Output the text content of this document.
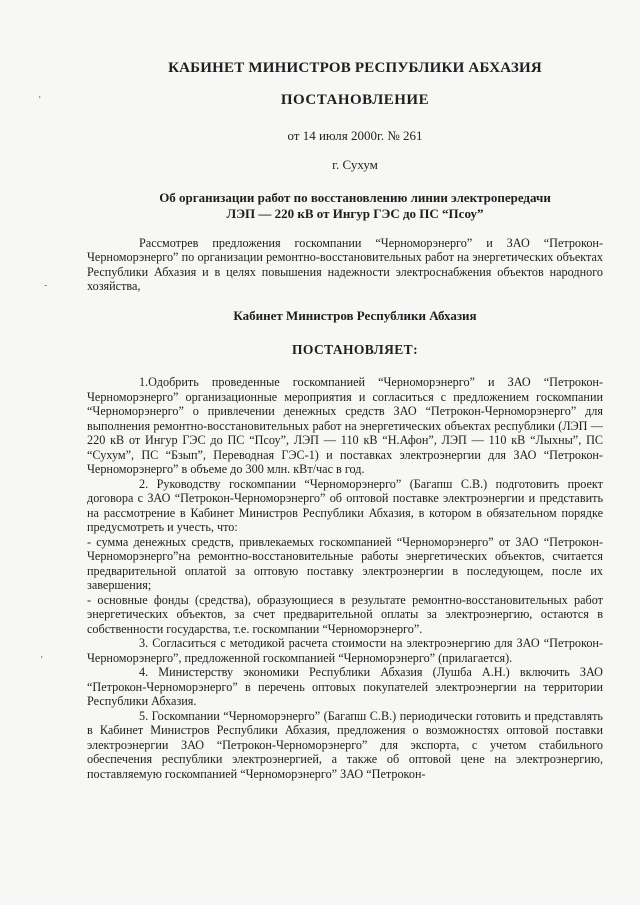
КАБИНЕТ МИНИСТРОВ РЕСПУБЛИКИ АБХАЗИЯ
ПОСТАНОВЛЕНИЕ
от 14 июля 2000г. № 261
г. Сухум
Об организации работ по восстановлению линии электропередачи
ЛЭП — 220 кВ от Ингур ГЭС до ПС “Псоу”
Рассмотрев предложения госкомпании “Черноморэнерго” и ЗАО “Петрокон-Черноморэнерго” по организации ремонтно-восстановительных работ на энергетических объектах Республики Абхазия и в целях повышения надежности электроснабжения объектов народного хозяйства,
Кабинет Министров Республики Абхазия
ПОСТАНОВЛЯЕТ:

1.Одобрить проведенные госкомпанией “Черноморэнерго” и ЗАО “Петрокон-Черноморэнерго” организационные мероприятия и согласиться с предложением госкомпании “Черноморэнерго” о привлечении денежных средств ЗАО “Петрокон-Черноморэнерго” для выполнения ремонтно-восстановительных работ на энергетических объектах республики (ЛЭП — 220 кВ от Ингур ГЭС до ПС “Псоу”, ЛЭП — 110 кВ “Н.Афон”, ЛЭП — 110 кВ “Лыхны”, ПС “Сухум”, ПС “Бзып”, Переводная ГЭС-1) и поставках электроэнергии для ЗАО “Петрокон-Черноморэнерго” в объеме до 300 млн. кВт/час в год.

2. Руководству госкомпании “Черноморэнерго” (Багапш С.В.) подготовить проект договора с ЗАО “Петрокон-Черноморэнерго” об оптовой поставке электроэнергии и представить на рассмотрение в Кабинет Министров Республики Абхазия, в котором в обязательном порядке предусмотреть и учесть, что:

- сумма денежных средств, привлекаемых госкомпанией “Черноморэнерго” от ЗАО “Петрокон-Черноморэнерго”на ремонтно-восстановительные работы энергетических объектов, считается предварительной оплатой за оптовую поставку электроэнергии в последующем, после их завершения;

- основные фонды (средства), образующиеся в результате ремонтно-восстановительных работ энергетических объектов, за счет предварительной оплаты за электроэнергию, остаются в собственности государства, т.е. госкомпании “Черноморэнерго”.

3. Согласиться с методикой расчета стоимости на электроэнергию для ЗАО “Петрокон-Черноморэнерго”, предложенной госкомпанией “Черноморэнерго” (прилагается).

4. Министерству экономики Республики Абхазия (Лушба А.Н.) включить ЗАО “Петрокон-Черноморэнерго” в перечень оптовых покупателей электроэнергии на территории Республики Абхазия.

5. Госкомпании “Черноморэнерго” (Багапш С.В.) периодически готовить и представлять в Кабинет Министров Республики Абхазия, предложения о возможностях оптовой поставки электроэнергии ЗАО “Петрокон-Черноморэнерго” для экспорта, с учетом стабильного обеспечения республики электроэнергией, а также об оптовой цене на электроэнергию, поставляемую госкомпанией “Черноморэнерго” ЗАО “Петрокон-

ʼ
-
ʼ
